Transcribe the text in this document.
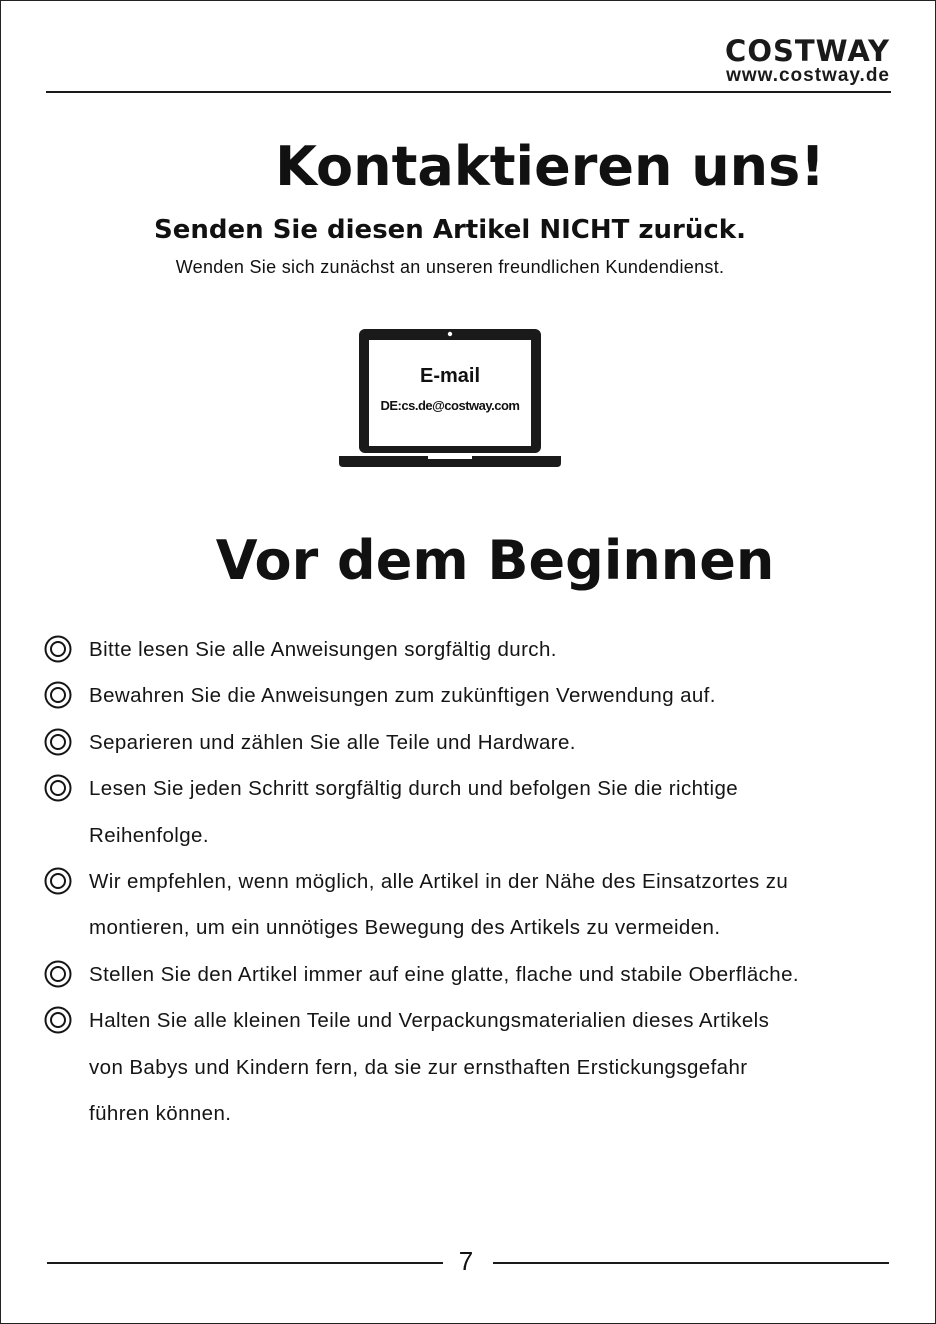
COSTWAY
www.costway.de
Kontaktieren uns!
Senden Sie diesen Artikel NICHT zurück.
Wenden Sie sich zunächst an unseren freundlichen Kundendienst.
E-mail
DE:cs.de@costway.com
Vor dem Beginnen
Bitte lesen Sie alle Anweisungen sorgfältig durch.
Bewahren Sie die Anweisungen zum zukünftigen Verwendung auf.
Separieren und zählen Sie alle Teile und Hardware.
Lesen Sie jeden Schritt sorgfältig durch und befolgen Sie die richtige
Reihenfolge.
Wir empfehlen, wenn möglich, alle Artikel in der Nähe des Einsatzortes zu
montieren, um ein unnötiges Bewegung des Artikels zu vermeiden.
Stellen Sie den Artikel immer auf eine glatte, flache und stabile Oberfläche.
Halten Sie alle kleinen Teile und Verpackungsmaterialien dieses Artikels
von Babys und Kindern fern, da sie zur ernsthaften Erstickungsgefahr
führen können.
7
